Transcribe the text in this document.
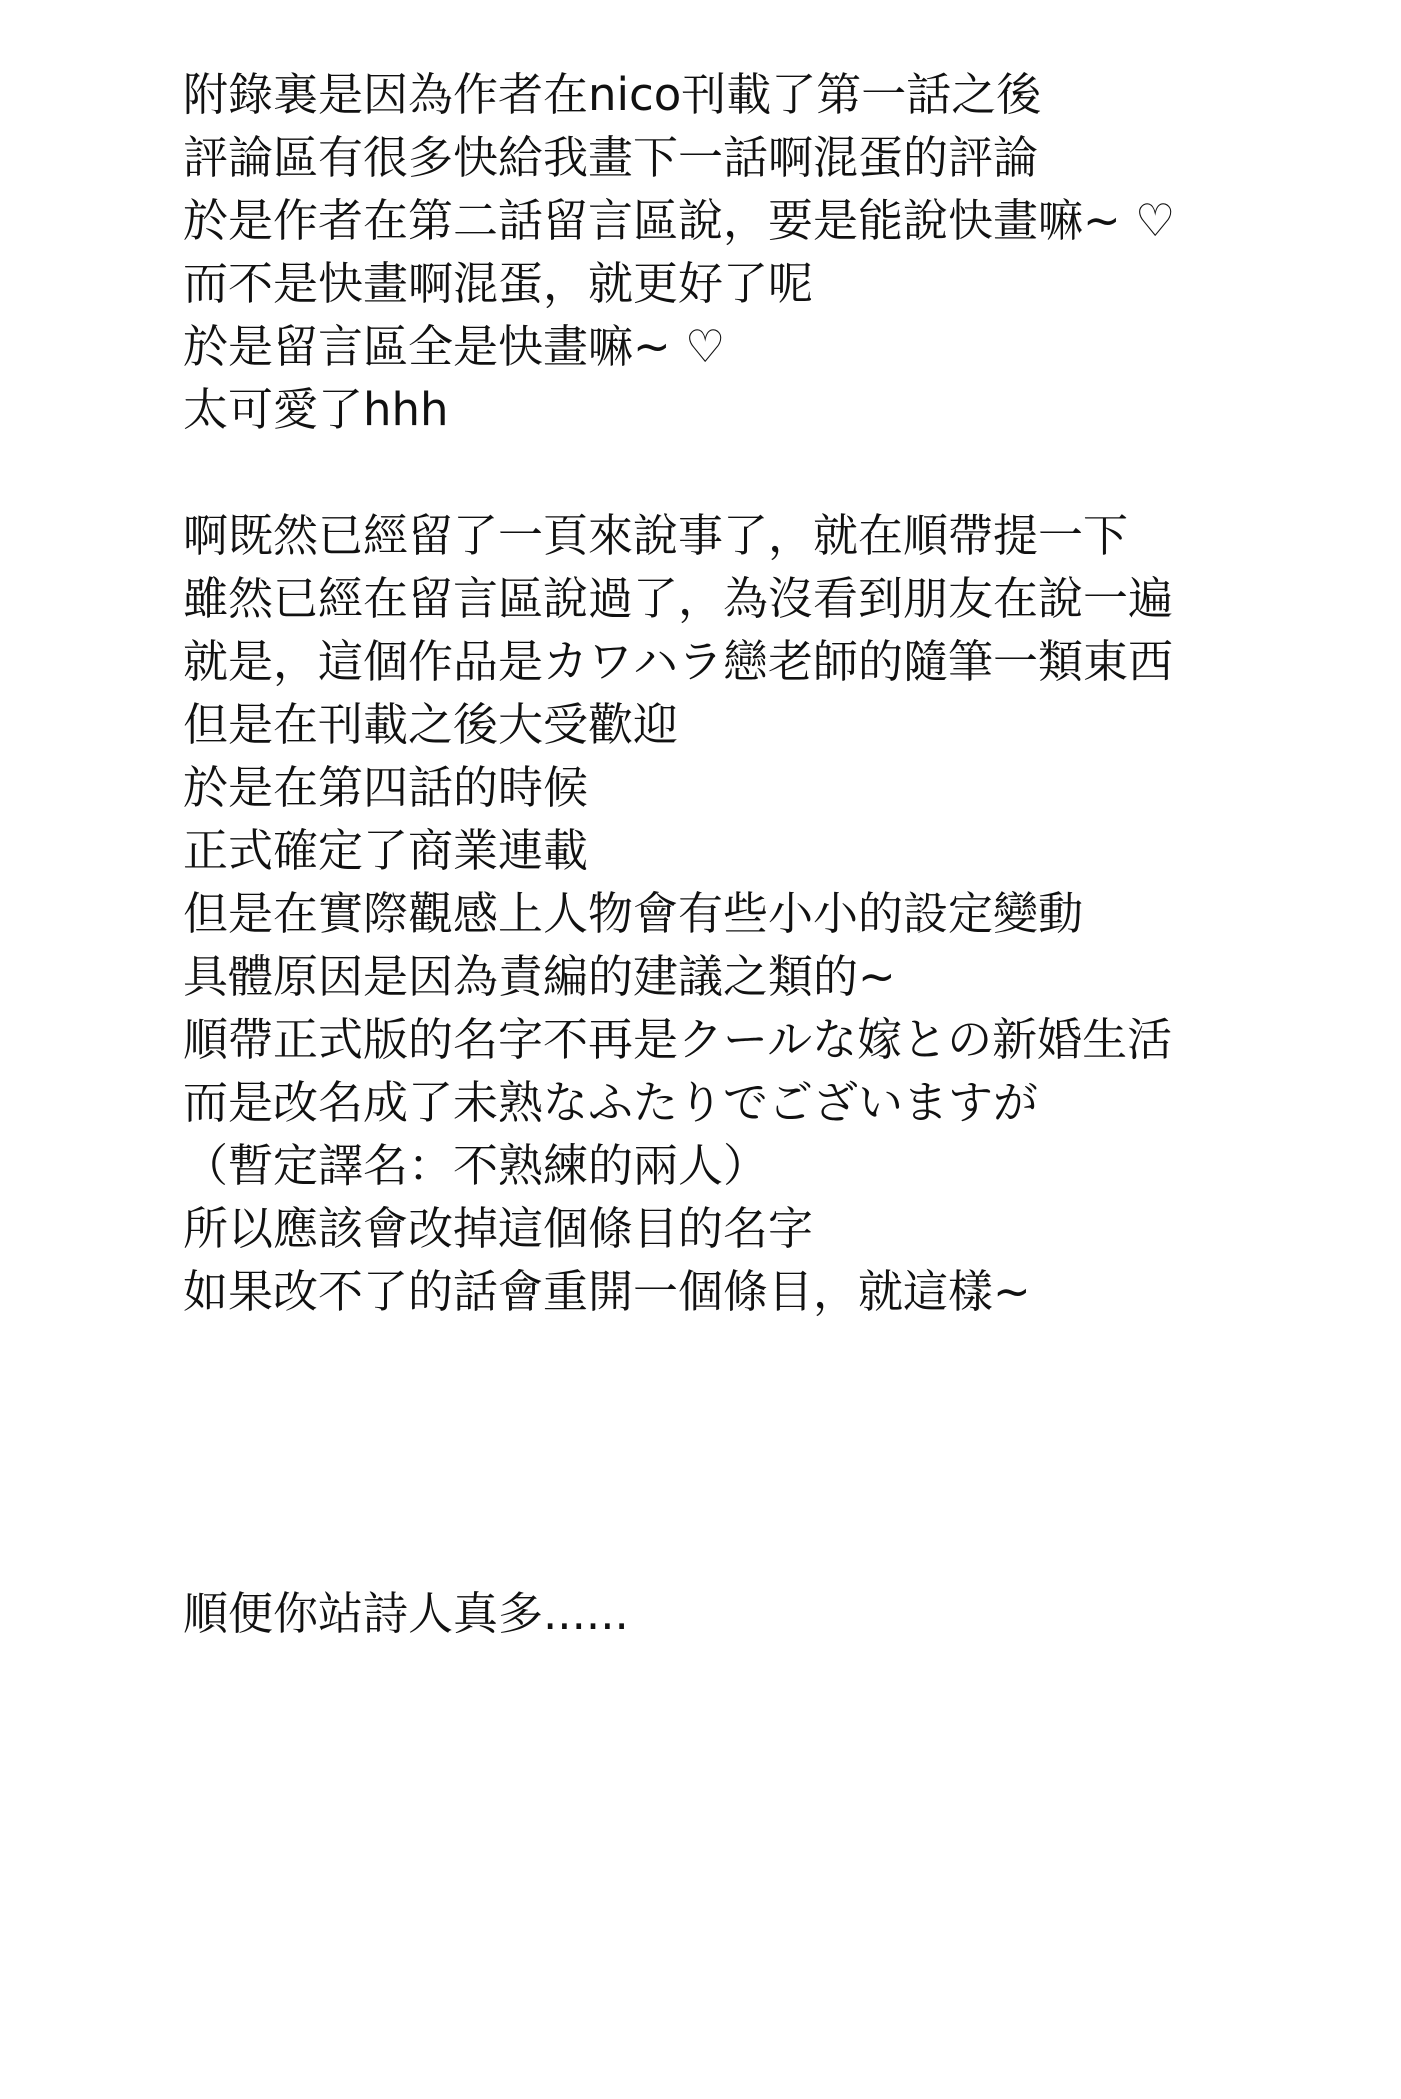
附錄裏是因為作者在nico刊載了第一話之後
評論區有很多快給我畫下一話啊混蛋的評論
於是作者在第二話留言區說，要是能說快畫嘛~ ♡
而不是快畫啊混蛋，就更好了呢
於是留言區全是快畫嘛~ ♡
太可愛了hhh
啊既然已經留了一頁來說事了，就在順帶提一下
雖然已經在留言區說過了，為沒看到朋友在說一遍
就是，這個作品是カワハラ戀老師的隨筆一類東西
但是在刊載之後大受歡迎
於是在第四話的時候
正式確定了商業連載
但是在實際觀感上人物會有些小小的設定變動
具體原因是因為責編的建議之類的~
順帶正式版的名字不再是クールな嫁との新婚生活
而是改名成了未熟なふたりでございますが
（暫定譯名：不熟練的兩人）
所以應該會改掉這個條目的名字
如果改不了的話會重開一個條目，就這樣~
順便你站詩人真多......
